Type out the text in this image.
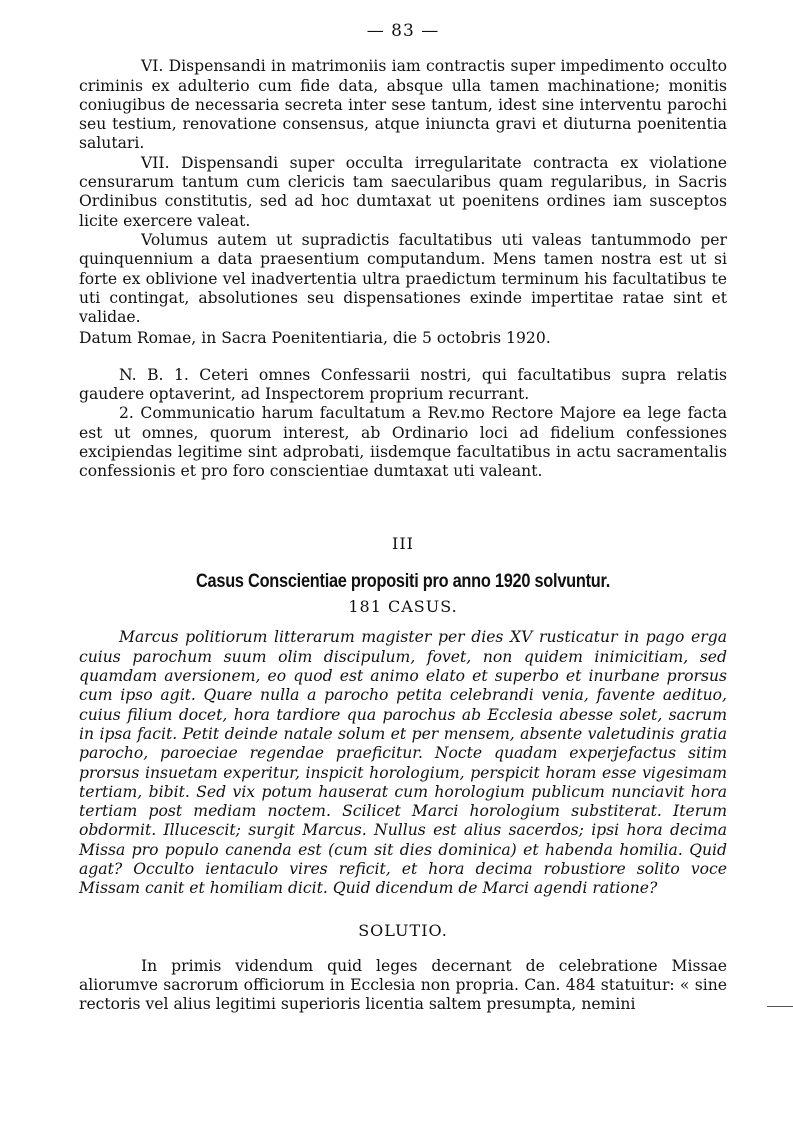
— 83 —

VI. Dispensandi in matrimoniis iam contractis super impedimento occulto criminis ex adulterio cum fide data, absque ulla tamen machinatione; monitis coniugibus de necessaria secreta inter sese tantum, idest sine interventu parochi seu testium, renovatione consensus, atque iniuncta gravi et diuturna poenitentia salutari.

VII. Dispensandi super occulta irregularitate contracta ex violatione censurarum tantum cum clericis tam saecularibus quam regularibus, in Sacris Ordinibus constitutis, sed ad hoc dumtaxat ut poenitens ordines iam susceptos licite exercere valeat.

Volumus autem ut supradictis facultatibus uti valeas tantummodo per quinquennium a data praesentium computandum. Mens tamen nostra est ut si forte ex oblivione vel inadvertentia ultra praedictum terminum his facultatibus te uti contingat, absolutiones seu dispensationes exinde impertitae ratae sint et validae.

Datum Romae, in Sacra Poenitentiaria, die 5 octobris 1920.

N. B. 1. Ceteri omnes Confessarii nostri, qui facultatibus supra relatis gaudere optaverint, ad Inspectorem proprium recurrant.

2. Communicatio harum facultatum a Rev.mo Rectore Majore ea lege facta est ut omnes, quorum interest, ab Ordinario loci ad fidelium confessiones excipiendas legitime sint adprobati, iisdemque facultatibus in actu sacramentalis confessionis et pro foro conscientiae dumtaxat uti valeant.

III
Casus Conscientiae propositi pro anno 1920 solvuntur.
181 CASUS.

Marcus politiorum litterarum magister per dies XV rusticatur in pago erga cuius parochum suum olim discipulum, fovet, non quidem inimicitiam, sed quamdam aversionem, eo quod est animo elato et superbo et inurbane prorsus cum ipso agit. Quare nulla a parocho petita celebrandi venia, favente aedituo, cuius filium docet, hora tardiore qua parochus ab Ecclesia abesse solet, sacrum in ipsa facit. Petit deinde natale solum et per mensem, absente valetudinis gratia parocho, paroeciae regendae praeficitur. Nocte quadam experjefactus sitim prorsus insuetam experitur, inspicit horologium, perspicit horam esse vigesimam tertiam, bibit. Sed vix potum hauserat cum horologium publicum nunciavit hora tertiam post mediam noctem. Scilicet Marci horologium substiterat. Iterum obdormit. Illucescit; surgit Marcus. Nullus est alius sacerdos; ipsi hora decima Missa pro populo canenda est (cum sit dies dominica) et habenda homilia. Quid agat? Occulto ientaculo vires reficit, et hora decima robustiore solito voce Missam canit et homiliam dicit. Quid dicendum de Marci agendi ratione?

SOLUTIO.

In primis videndum quid leges decernant de celebratione Missae aliorumve sacrorum officiorum in Ecclesia non propria. Can. 484 statuitur: « sine rectoris vel alius legitimi superioris licentia saltem presumpta, nemini
